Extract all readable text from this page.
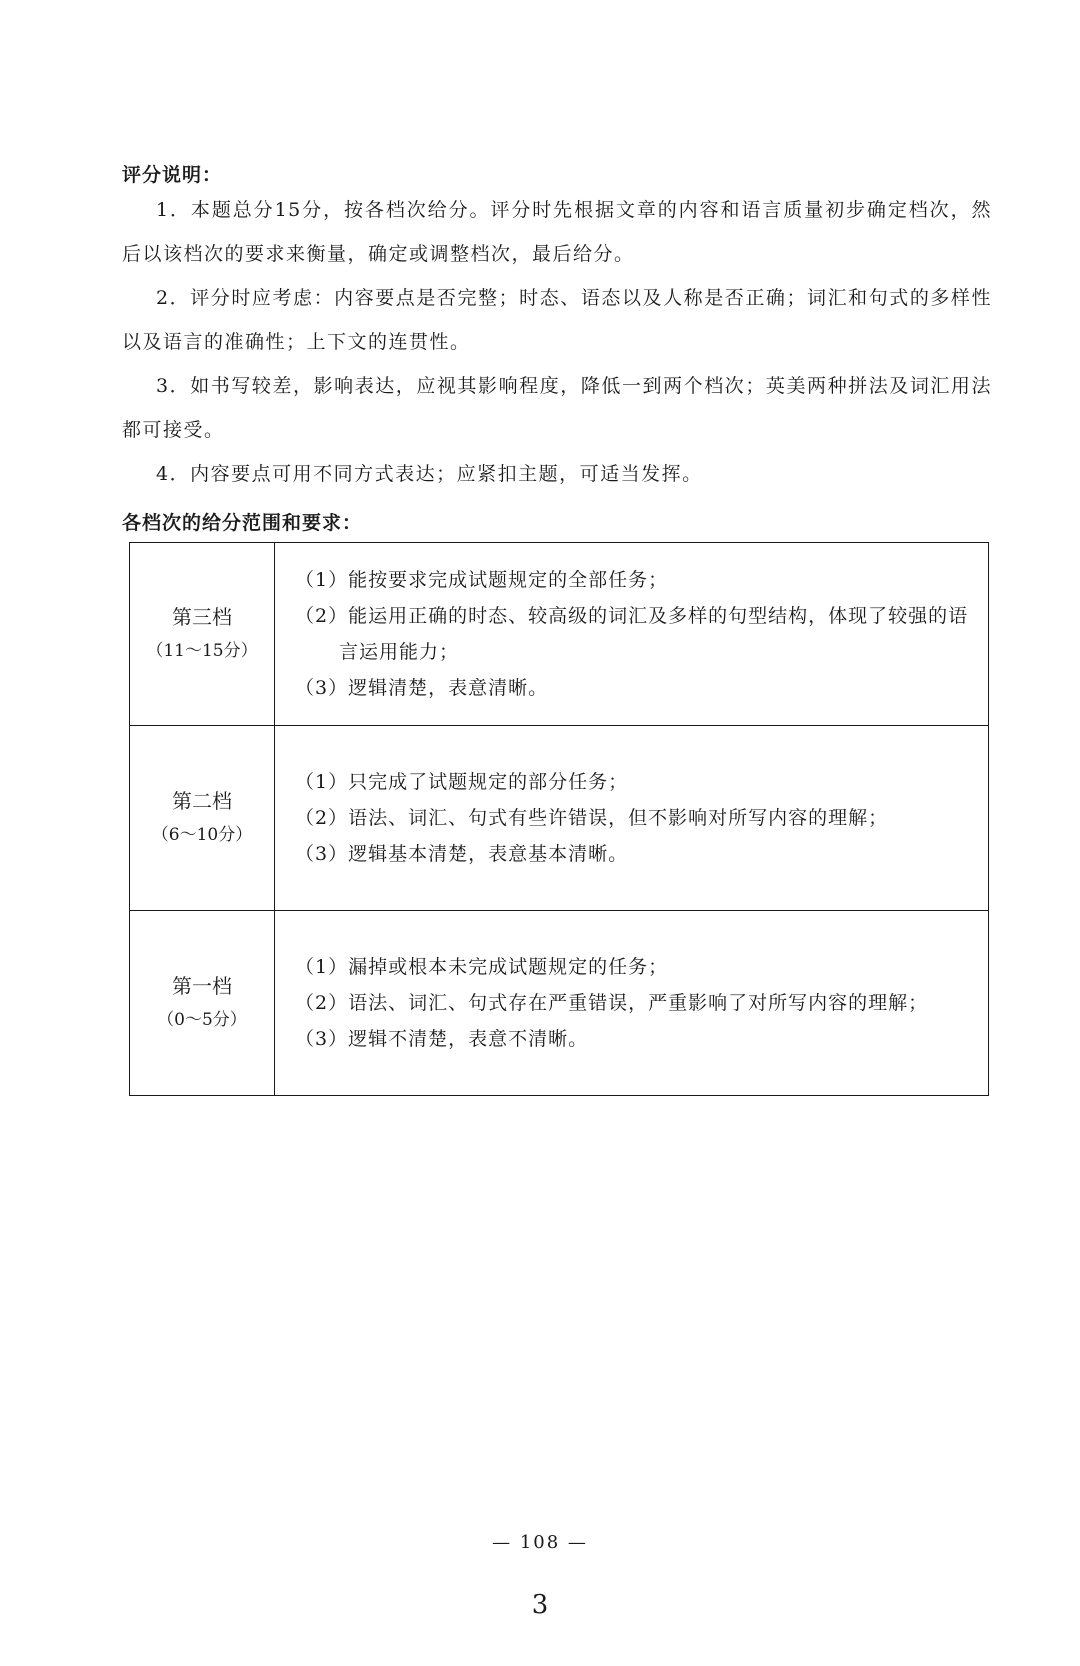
评分说明：
1．本题总分15分，按各档次给分。评分时先根据文章的内容和语言质量初步确定档次，然后以该档次的要求来衡量，确定或调整档次，最后给分。
2．评分时应考虑：内容要点是否完整；时态、语态以及人称是否正确；词汇和句式的多样性以及语言的准确性；上下文的连贯性。
3．如书写较差，影响表达，应视其影响程度，降低一到两个档次；英美两种拼法及词汇用法都可接受。
4．内容要点可用不同方式表达；应紧扣主题，可适当发挥。
各档次的给分范围和要求：
第三档
（11～15分）	（1）能按要求完成试题规定的全部任务；
（2）能运用正确的时态、较高级的词汇及多样的句型结构，体现了较强的语言运用能力；
（3）逻辑清楚，表意清晰。

第二档
（6～10分）	（1）只完成了试题规定的部分任务；
（2）语法、词汇、句式有些许错误，但不影响对所写内容的理解；
（3）逻辑基本清楚，表意基本清晰。

第一档
（0～5分）	（1）漏掉或根本未完成试题规定的任务；
（2）语法、词汇、句式存在严重错误，严重影响了对所写内容的理解；
（3）逻辑不清楚，表意不清晰。
— 108 —
3
